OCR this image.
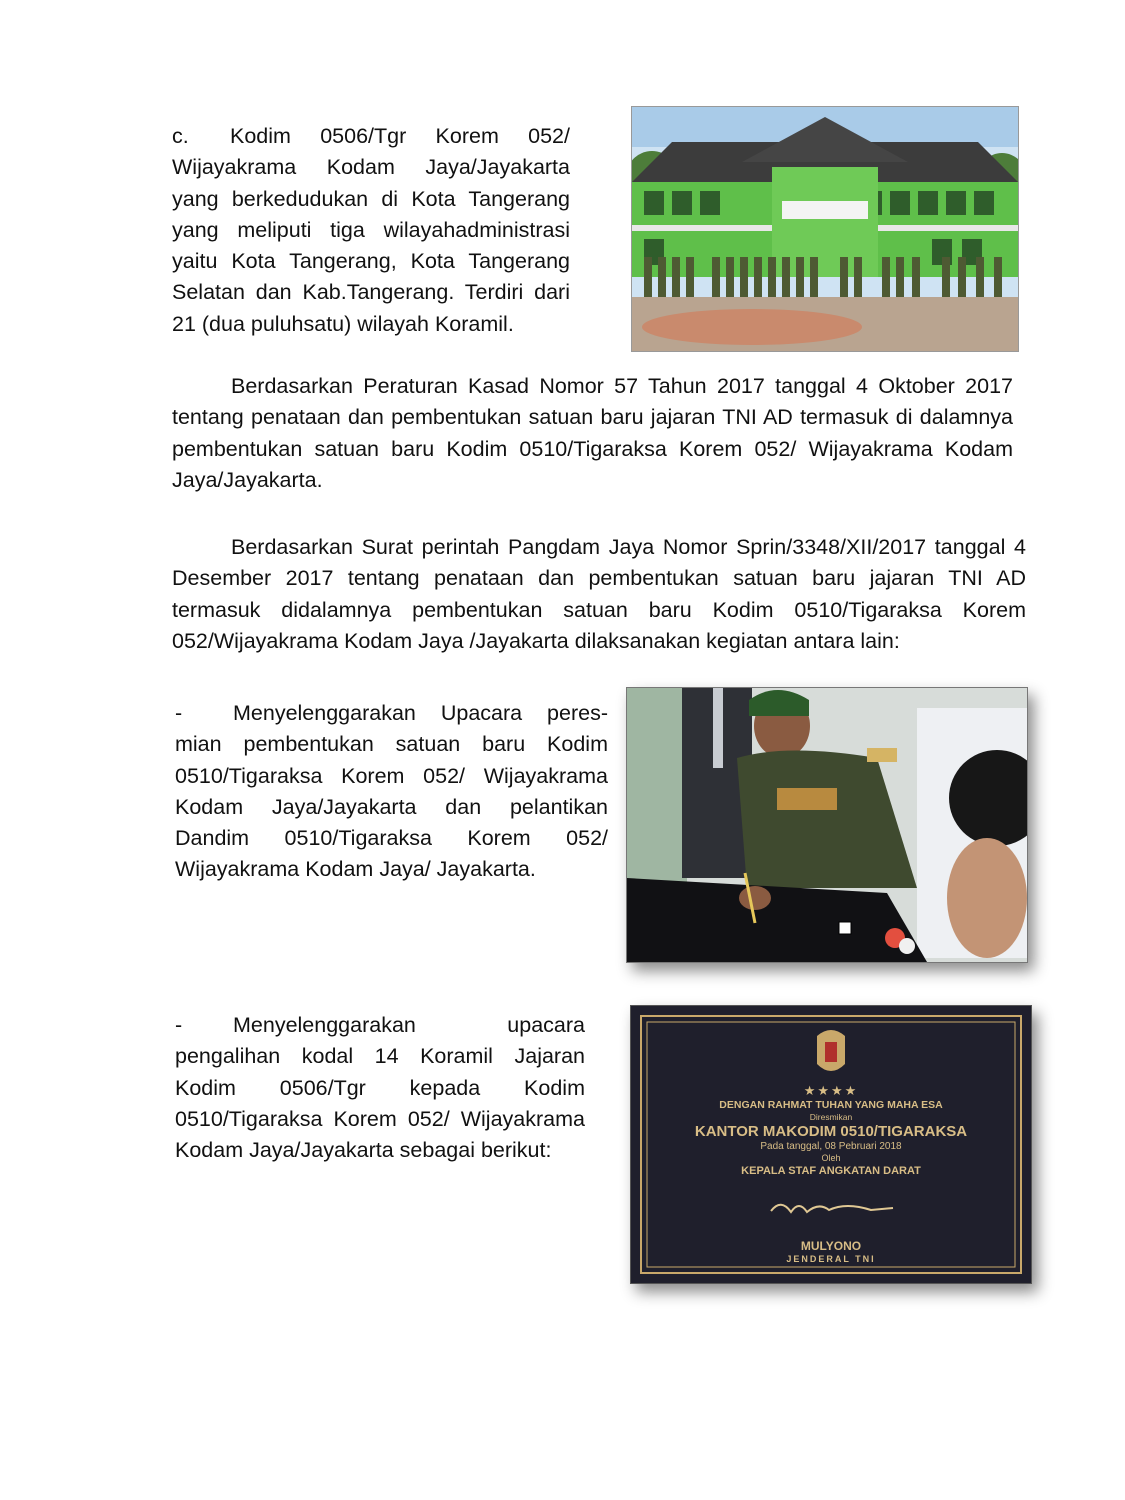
c. Kodim 0506/Tgr Korem 052/ Wijayakrama Kodam Jaya/Jayakarta yang berkedudukan di Kota Tangerang yang meliputi tiga wilayahadministrasi yaitu Kota Tangerang, Kota Tangerang Selatan dan Kab.Tangerang. Terdiri dari 21 (dua puluhsatu) wilayah Koramil.

Berdasarkan Peraturan Kasad Nomor 57 Tahun 2017 tanggal 4 Oktober 2017 tentang penataan dan pembentukan satuan baru jajaran TNI AD termasuk di dalamnya pembentukan satuan baru Kodim 0510/Tigaraksa Korem 052/ Wijayakrama Kodam Jaya/Jayakarta.

Berdasarkan Surat perintah Pangdam Jaya Nomor Sprin/3348/XII/2017 tanggal 4 Desember 2017 tentang penataan dan pembentukan satuan baru jajaran TNI AD termasuk didalamnya pembentukan satuan baru Kodim 0510/Tigaraksa Korem 052/Wijayakrama Kodam Jaya /Jayakarta dilaksanakan kegiatan antara lain:

- Menyelenggarakan Upacara peres-mian pembentukan satuan baru Kodim 0510/Tigaraksa Korem 052/ Wijayakrama Kodam Jaya/Jayakarta dan pelantikan Dandim 0510/Tigaraksa Korem 052/ Wijayakrama Kodam Jaya/ Jayakarta.

- Menyelenggarakan upacara pengalihan kodal 14 Koramil Jajaran Kodim 0506/Tgr kepada Kodim 0510/Tigaraksa Korem 052/ Wijayakrama Kodam Jaya/Jayakarta sebagai berikut:

★★★★
DENGAN RAHMAT TUHAN YANG MAHA ESA
Diresmikan
KANTOR MAKODIM 0510/TIGARAKSA
Pada tanggal, 08 Pebruari 2018
Oleh
KEPALA STAF ANGKATAN DARAT
MULYONO
JENDERAL TNI
